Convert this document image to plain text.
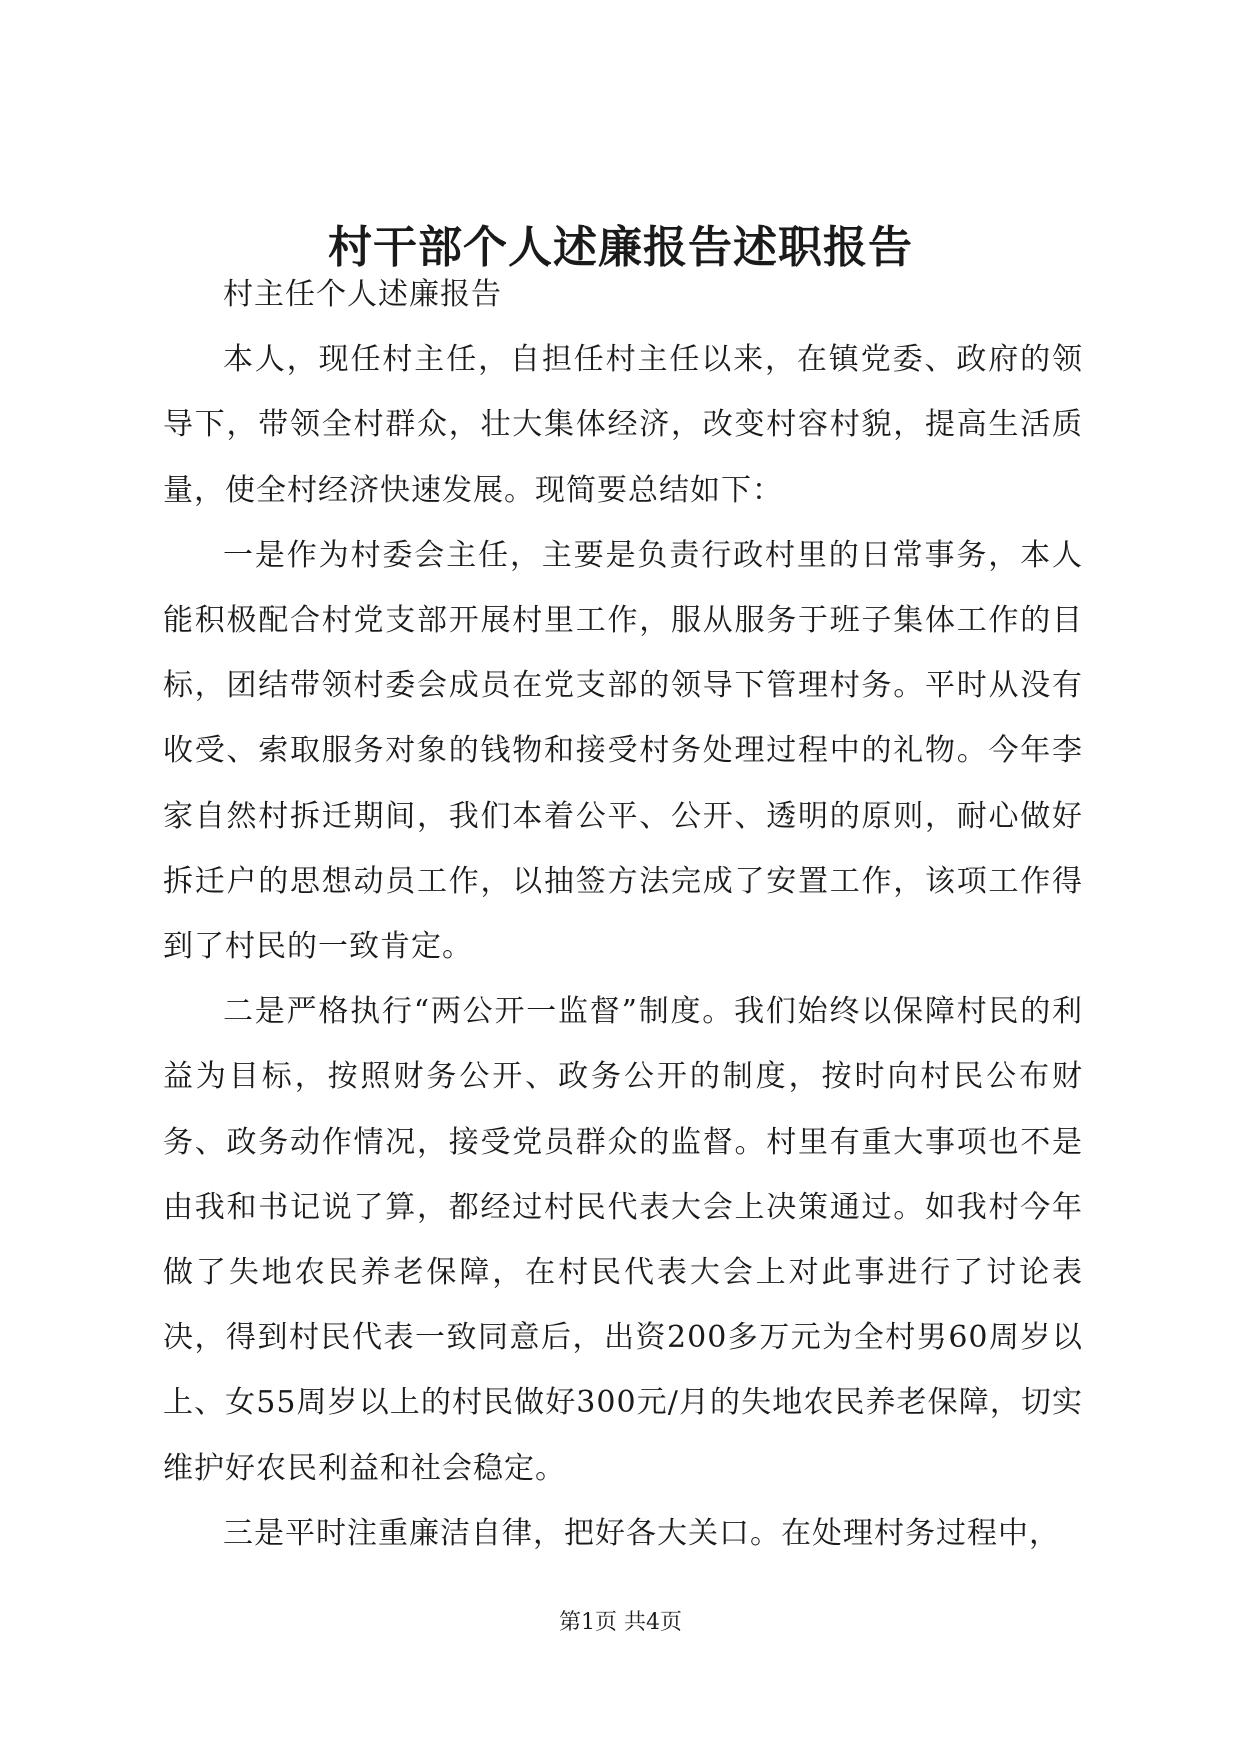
村干部个人述廉报告述职报告

村主任个人述廉报告

本人，现任村主任，自担任村主任以来，在镇党委、政府的领导下，带领全村群众，壮大集体经济，改变村容村貌，提高生活质量，使全村经济快速发展。现简要总结如下：

一是作为村委会主任，主要是负责行政村里的日常事务，本人能积极配合村党支部开展村里工作，服从服务于班子集体工作的目标，团结带领村委会成员在党支部的领导下管理村务。平时从没有收受、索取服务对象的钱物和接受村务处理过程中的礼物。今年李家自然村拆迁期间，我们本着公平、公开、透明的原则，耐心做好拆迁户的思想动员工作，以抽签方法完成了安置工作，该项工作得到了村民的一致肯定。

二是严格执行“两公开一监督”制度。我们始终以保障村民的利益为目标，按照财务公开、政务公开的制度，按时向村民公布财务、政务动作情况，接受党员群众的监督。村里有重大事项也不是由我和书记说了算，都经过村民代表大会上决策通过。如我村今年做了失地农民养老保障，在村民代表大会上对此事进行了讨论表决，得到村民代表一致同意后，出资200多万元为全村男60周岁以上、女55周岁以上的村民做好300元/月的失地农民养老保障，切实维护好农民利益和社会稳定。

三是平时注重廉洁自律，把好各大关口。在处理村务过程中，

第1页 共4页
